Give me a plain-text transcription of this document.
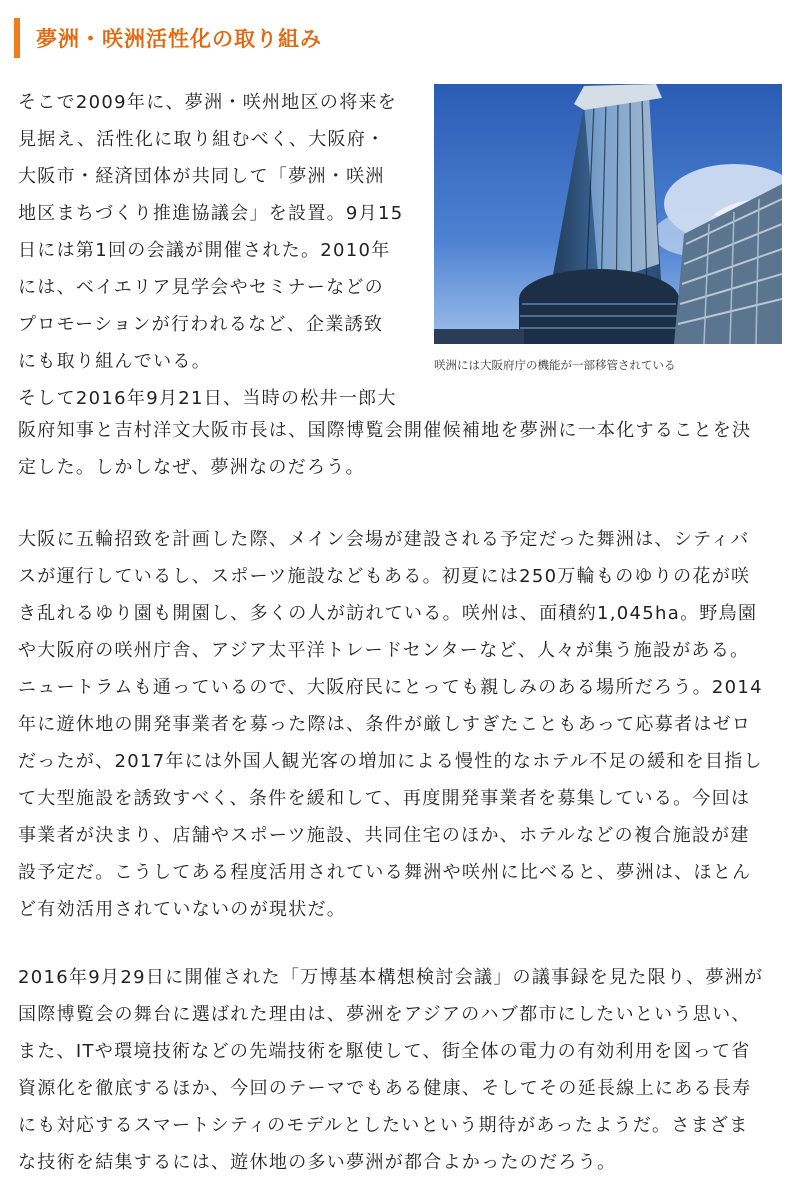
夢洲・咲洲活性化の取り組み

そこで2009年に、夢洲・咲州地区の将来を
見据え、活性化に取り組むべく、大阪府・
大阪市・経済団体が共同して「夢洲・咲洲
地区まちづくり推進協議会」を設置。9月15
日には第1回の会議が開催された。2010年
には、ベイエリア見学会やセミナーなどの
プロモーションが行われるなど、企業誘致
にも取り組んでいる。	咲洲には大阪府庁の機能が一部移管されている

そして2016年9月21日、当時の松井一郎大

阪府知事と吉村洋文大阪市長は、国際博覧会開催候補地を夢洲に一本化することを決
定した。しかしなぜ、夢洲なのだろう。

大阪に五輪招致を計画した際、メイン会場が建設される予定だった舞洲は、シティバ
スが運行しているし、スポーツ施設などもある。初夏には250万輪ものゆりの花が咲
き乱れるゆり園も開園し、多くの人が訪れている。咲州は、面積約1,045ha。野鳥園
や大阪府の咲州庁舎、アジア太平洋トレードセンターなど、人々が集う施設がある。
ニュートラムも通っているので、大阪府民にとっても親しみのある場所だろう。2014
年に遊休地の開発事業者を募った際は、条件が厳しすぎたこともあって応募者はゼロ
だったが、2017年には外国人観光客の増加による慢性的なホテル不足の緩和を目指し
て大型施設を誘致すべく、条件を緩和して、再度開発事業者を募集している。今回は
事業者が決まり、店舗やスポーツ施設、共同住宅のほか、ホテルなどの複合施設が建
設予定だ。こうしてある程度活用されている舞洲や咲州に比べると、夢洲は、ほとん
ど有効活用されていないのが現状だ。

2016年9月29日に開催された「万博基本構想検討会議」の議事録を見た限り、夢洲が
国際博覧会の舞台に選ばれた理由は、夢洲をアジアのハブ都市にしたいという思い、
また、ITや環境技術などの先端技術を駆使して、街全体の電力の有効利用を図って省
資源化を徹底するほか、今回のテーマでもある健康、そしてその延長線上にある長寿
にも対応するスマートシティのモデルとしたいという期待があったようだ。さまざま
な技術を結集するには、遊休地の多い夢洲が都合よかったのだろう。
